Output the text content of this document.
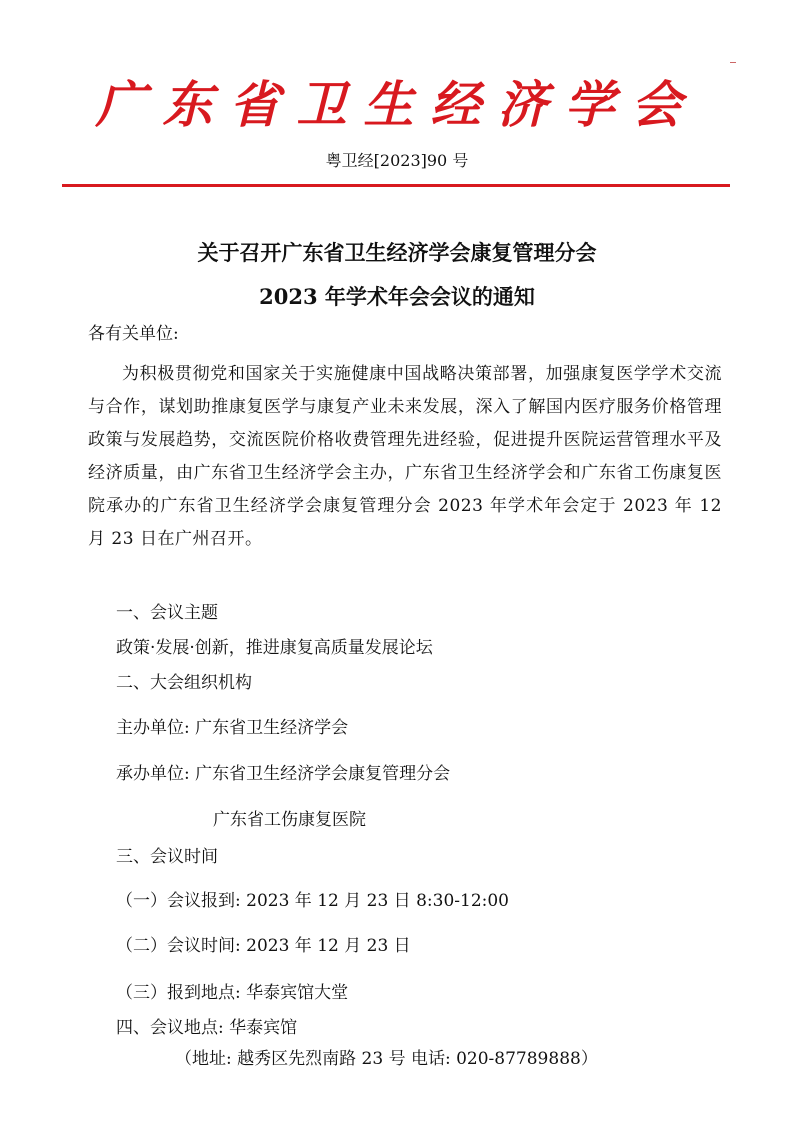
广东省卫生经济学会
粤卫经[2023]90 号
关于召开广东省卫生经济学会康复管理分会
2023 年学术年会会议的通知
各有关单位:
为积极贯彻党和国家关于实施健康中国战略决策部署，加强康复医学学术交流与合作，谋划助推康复医学与康复产业未来发展，深入了解国内医疗服务价格管理政策与发展趋势，交流医院价格收费管理先进经验，促进提升医院运营管理水平及经济质量，由广东省卫生经济学会主办，广东省卫生经济学会和广东省工伤康复医院承办的广东省卫生经济学会康复管理分会 2023 年学术年会定于 2023 年 12 月 23 日在广州召开。
一、会议主题
政策·发展·创新，推进康复高质量发展论坛
二、大会组织机构
主办单位: 广东省卫生经济学会
承办单位: 广东省卫生经济学会康复管理分会
广东省工伤康复医院
三、会议时间
（一）会议报到: 2023 年 12 月 23 日 8:30-12:00
（二）会议时间: 2023 年 12 月 23 日
（三）报到地点: 华泰宾馆大堂
四、会议地点: 华泰宾馆
（地址: 越秀区先烈南路 23 号 电话: 020-87789888）
